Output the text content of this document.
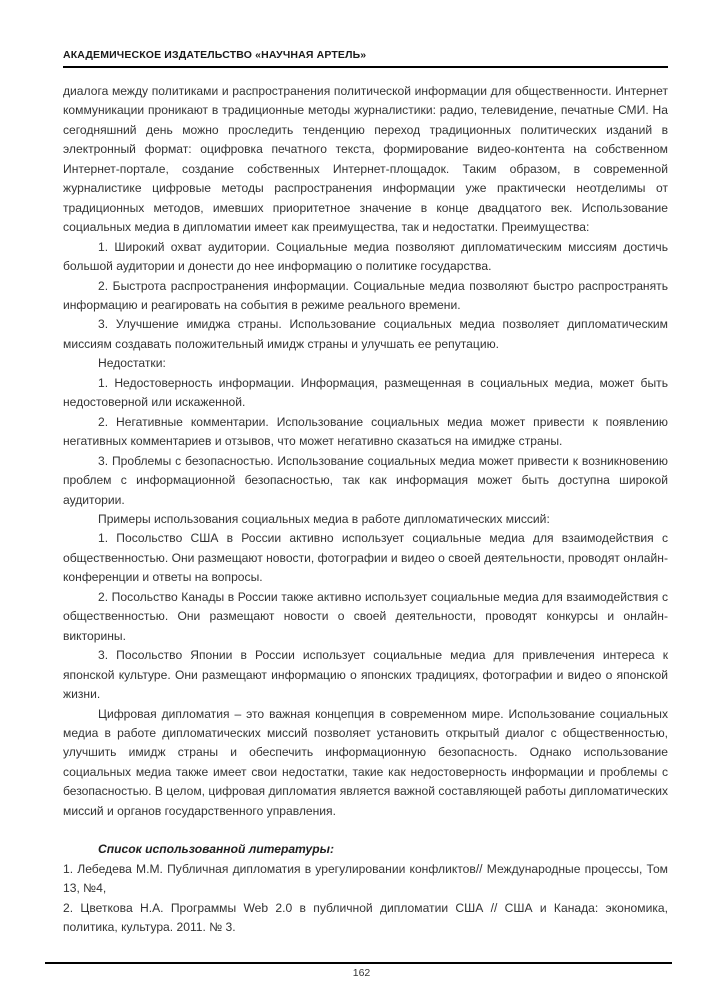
АКАДЕМИЧЕСКОЕ ИЗДАТЕЛЬСТВО «НАУЧНАЯ АРТЕЛЬ»

диалога между политиками и распространения политической информации для общественности. Интернет коммуникации проникают в традиционные методы журналистики: радио, телевидение, печатные СМИ. На сегодняшний день можно проследить тенденцию переход традиционных политических изданий в электронный формат: оцифровка печатного текста, формирование видео-контента на собственном Интернет-портале, создание собственных Интернет-площадок. Таким образом, в современной журналистике цифровые методы распространения информации уже практически неотделимы от традиционных методов, имевших приоритетное значение в конце двадцатого век. Использование социальных медиа в дипломатии имеет как преимущества, так и недостатки. Преимущества:

1. Широкий охват аудитории. Социальные медиа позволяют дипломатическим миссиям достичь большой аудитории и донести до нее информацию о политике государства.

2. Быстрота распространения информации. Социальные медиа позволяют быстро распространять информацию и реагировать на события в режиме реального времени.

3. Улучшение имиджа страны. Использование социальных медиа позволяет дипломатическим миссиям создавать положительный имидж страны и улучшать ее репутацию.

Недостатки:

1. Недостоверность информации. Информация, размещенная в социальных медиа, может быть недостоверной или искаженной.

2. Негативные комментарии. Использование социальных медиа может привести к появлению негативных комментариев и отзывов, что может негативно сказаться на имидже страны.

3. Проблемы с безопасностью. Использование социальных медиа может привести к возникновению проблем с информационной безопасностью, так как информация может быть доступна широкой аудитории.

Примеры использования социальных медиа в работе дипломатических миссий:

1. Посольство США в России активно использует социальные медиа для взаимодействия с общественностью. Они размещают новости, фотографии и видео о своей деятельности, проводят онлайн-конференции и ответы на вопросы.

2. Посольство Канады в России также активно использует социальные медиа для взаимодействия с общественностью. Они размещают новости о своей деятельности, проводят конкурсы и онлайн-викторины.

3. Посольство Японии в России использует социальные медиа для привлечения интереса к японской культуре. Они размещают информацию о японских традициях, фотографии и видео о японской жизни.

Цифровая дипломатия – это важная концепция в современном мире. Использование социальных медиа в работе дипломатических миссий позволяет установить открытый диалог с общественностью, улучшить имидж страны и обеспечить информационную безопасность. Однако использование социальных медиа также имеет свои недостатки, такие как недостоверность информации и проблемы с безопасностью. В целом, цифровая дипломатия является важной составляющей работы дипломатических миссий и органов государственного управления.

Список использованной литературы:

1. Лебедева М.М. Публичная дипломатия в урегулировании конфликтов// Международные процессы, Том 13, №4,

2. Цветкова Н.А. Программы Web 2.0 в публичной дипломатии США // США и Канада: экономика, политика, культура. 2011. № 3.

162
